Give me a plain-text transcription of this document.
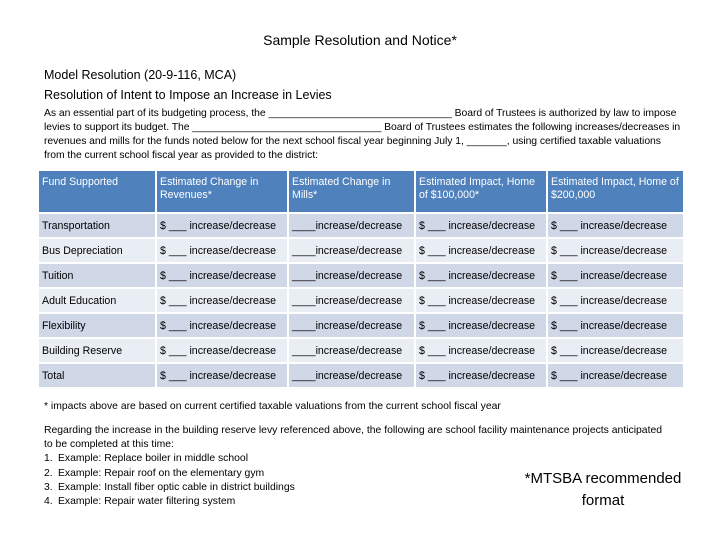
Sample Resolution and Notice*
Model Resolution (20-9-116, MCA)
Resolution of Intent to Impose an Increase in Levies
As an essential part of its budgeting process, the ________________________________ Board of Trustees is authorized by law to impose levies to support its budget. The _________________________________ Board of Trustees estimates the following increases/decreases in revenues and mills for the funds noted below for the next school fiscal year beginning July 1, _______, using certified taxable valuations from the current school fiscal year as provided to the district:
Fund Supported	Estimated Change in Revenues*	Estimated Change in Mills*	Estimated Impact, Home of $100,000*	Estimated Impact, Home of $200,000
Transportation	$ ___ increase/decrease	____increase/decrease	$ ___ increase/decrease	$ ___ increase/decrease
Bus Depreciation	$ ___ increase/decrease	____increase/decrease	$ ___ increase/decrease	$ ___ increase/decrease
Tuition	$ ___ increase/decrease	____increase/decrease	$ ___ increase/decrease	$ ___ increase/decrease
Adult Education	$ ___ increase/decrease	____increase/decrease	$ ___ increase/decrease	$ ___ increase/decrease
Flexibility	$ ___ increase/decrease	____increase/decrease	$ ___ increase/decrease	$ ___ increase/decrease
Building Reserve	$ ___ increase/decrease	____increase/decrease	$ ___ increase/decrease	$ ___ increase/decrease
Total	$ ___ increase/decrease	____increase/decrease	$ ___ increase/decrease	$ ___ increase/decrease
* impacts above are based on current certified taxable valuations from the current school fiscal year

Regarding the increase in the building reserve levy referenced above, the following are school facility maintenance projects anticipated to be completed at this time:

1. Example: Replace boiler in middle school
2. Example: Repair roof on the elementary gym
3. Example: Install fiber optic cable in district buildings
4. Example: Repair water filtering system
*MTSBA recommended format
